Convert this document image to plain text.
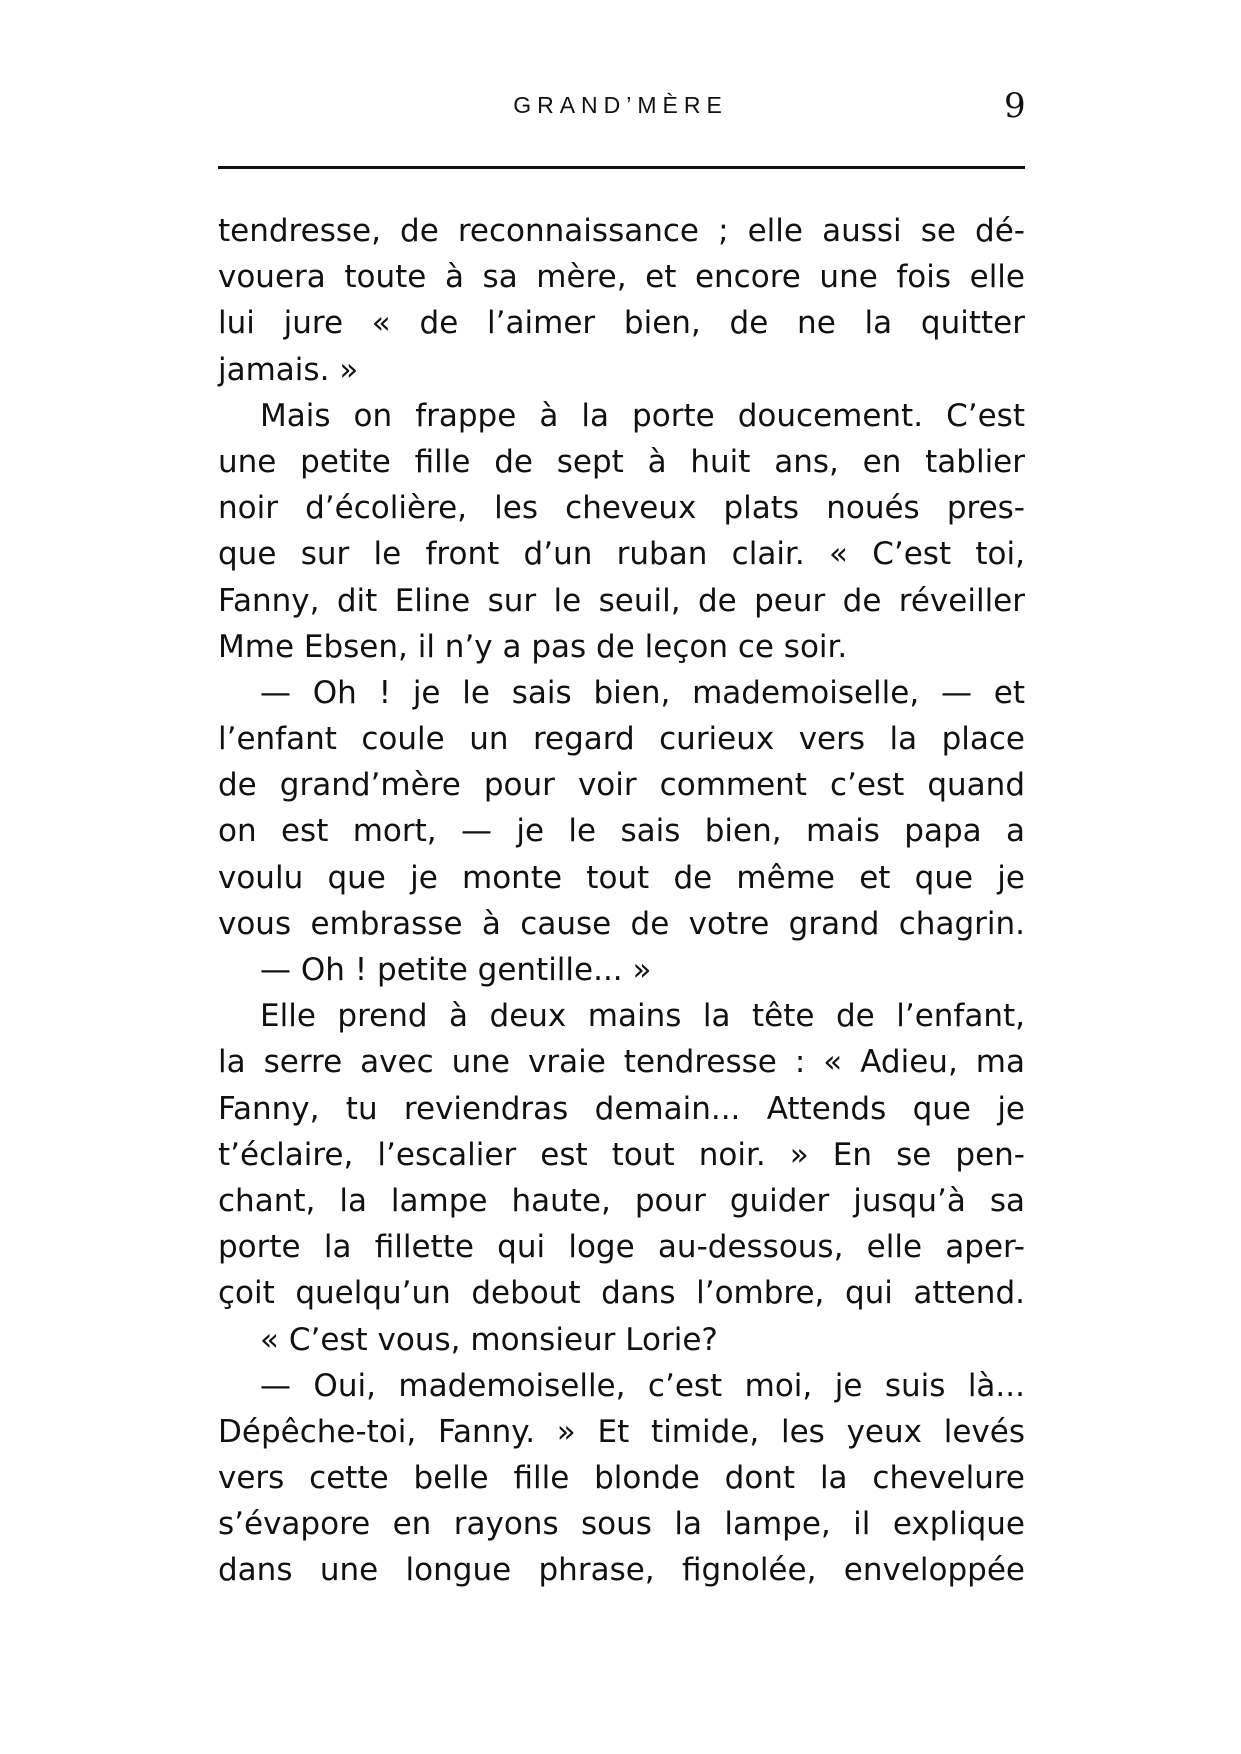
GRAND’MÈRE	9
tendresse, de reconnaissance ; elle aussi se dé-
vouera toute à sa mère, et encore une fois elle
lui jure « de l’aimer bien, de ne la quitter
jamais. »
Mais on frappe à la porte doucement. C’est
une petite fille de sept à huit ans, en tablier
noir d’écolière, les cheveux plats noués pres-
que sur le front d’un ruban clair. « C’est toi,
Fanny, dit Eline sur le seuil, de peur de réveiller
Mme Ebsen, il n’y a pas de leçon ce soir.
— Oh ! je le sais bien, mademoiselle, — et
l’enfant coule un regard curieux vers la place
de grand’mère pour voir comment c’est quand
on est mort, — je le sais bien, mais papa a
voulu que je monte tout de même et que je
vous embrasse à cause de votre grand chagrin.
— Oh ! petite gentille... »
Elle prend à deux mains la tête de l’enfant,
la serre avec une vraie tendresse : « Adieu, ma
Fanny, tu reviendras demain... Attends que je
t’éclaire, l’escalier est tout noir. » En se pen-
chant, la lampe haute, pour guider jusqu’à sa
porte la fillette qui loge au-dessous, elle aper-
çoit quelqu’un debout dans l’ombre, qui attend.
« C’est vous, monsieur Lorie?
— Oui, mademoiselle, c’est moi, je suis là...
Dépêche-toi, Fanny. » Et timide, les yeux levés
vers cette belle fille blonde dont la chevelure
s’évapore en rayons sous la lampe, il explique
dans une longue phrase, fignolée, enveloppée
